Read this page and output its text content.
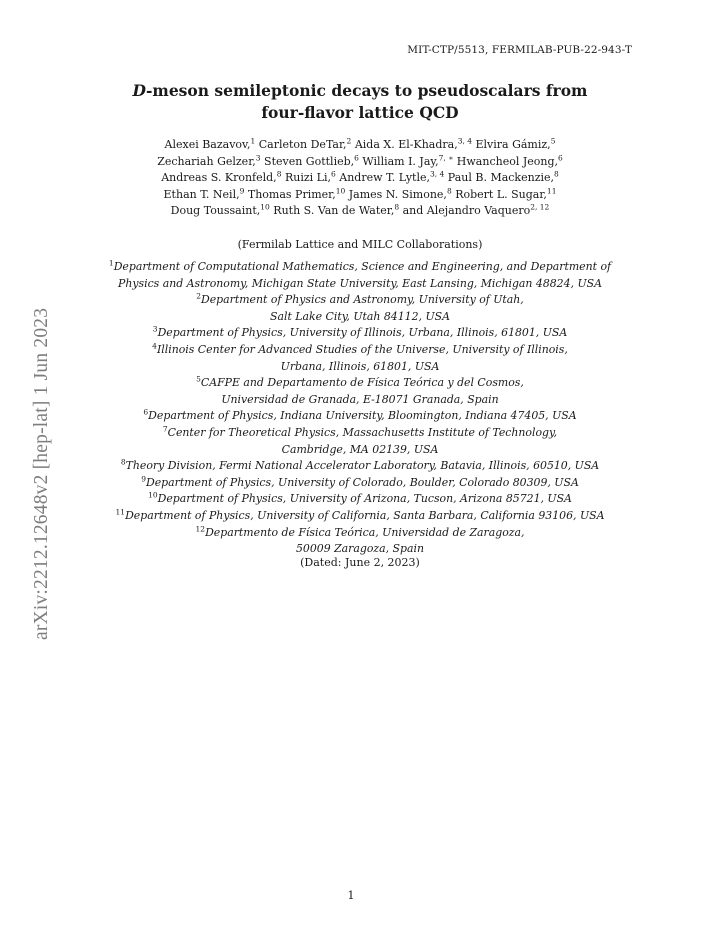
MIT-CTP/5513, FERMILAB-PUB-22-943-T
D-meson semileptonic decays to pseudoscalars from
four-flavor lattice QCD
Alexei Bazavov,$^1$ Carleton DeTar,$^2$ Aida X. El-Khadra,$^{3, 4}$ Elvira Gámiz,$^5$
Zechariah Gelzer,$^3$ Steven Gottlieb,$^6$ William I. Jay,$^{7, ∗}$ Hwancheol Jeong,$^6$
Andreas S. Kronfeld,$^8$ Ruizi Li,$^6$ Andrew T. Lytle,$^{3, 4}$ Paul B. Mackenzie,$^8$
Ethan T. Neil,$^9$ Thomas Primer,$^{10}$ James N. Simone,$^8$ Robert L. Sugar,$^{11}$
Doug Toussaint,$^{10}$ Ruth S. Van de Water,$^8$ and Alejandro Vaquero$^{2, 12}$
(Fermilab Lattice and MILC Collaborations)
$^1$Department of Computational Mathematics, Science and Engineering, and Department of
Physics and Astronomy, Michigan State University, East Lansing, Michigan 48824, USA
$^2$Department of Physics and Astronomy, University of Utah,
Salt Lake City, Utah 84112, USA
$^3$Department of Physics, University of Illinois, Urbana, Illinois, 61801, USA
$^4$Illinois Center for Advanced Studies of the Universe, University of Illinois,
Urbana, Illinois, 61801, USA
$^5$CAFPE and Departamento de Física Teórica y del Cosmos,
Universidad de Granada, E-18071 Granada, Spain
$^6$Department of Physics, Indiana University, Bloomington, Indiana 47405, USA
$^7$Center for Theoretical Physics, Massachusetts Institute of Technology,
Cambridge, MA 02139, USA
$^8$Theory Division, Fermi National Accelerator Laboratory, Batavia, Illinois, 60510, USA
$^9$Department of Physics, University of Colorado, Boulder, Colorado 80309, USA
$^{10}$Department of Physics, University of Arizona, Tucson, Arizona 85721, USA
$^{11}$Department of Physics, University of California, Santa Barbara, California 93106, USA
$^{12}$Departmento de Física Teórica, Universidad de Zaragoza,
50009 Zaragoza, Spain
(Dated: June 2, 2023)
arXiv:2212.12648v2 [hep-lat] 1 Jun 2023
1
